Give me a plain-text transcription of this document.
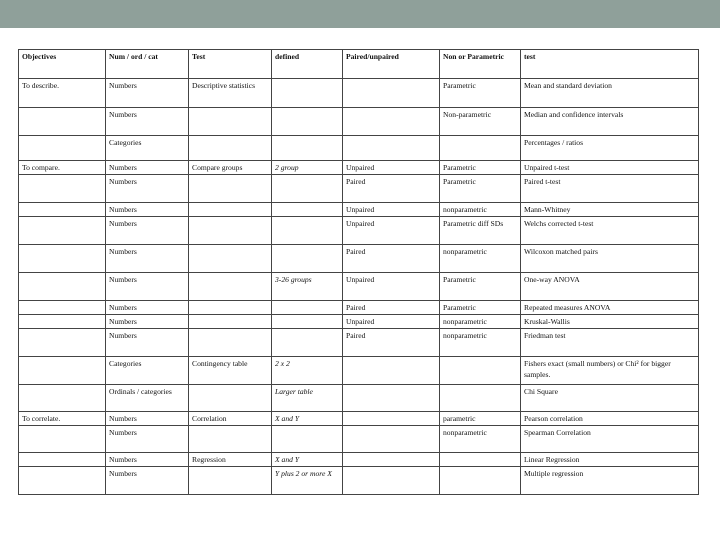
Objectives	Num / ord / cat	Test	defined	Paired/unpaired	Non or Parametric	test
To describe.	Numbers	Descriptive statistics			Parametric	Mean and standard deviation
	Numbers				Non-parametric	Median and confidence intervals
	Categories					Percentages / ratios
To compare.	Numbers	Compare groups	2 group	Unpaired	Parametric	Unpaired t-test
	Numbers			Paired	Parametric	Paired t-test
	Numbers			Unpaired	nonparametric	Mann-Whitney
	Numbers			Unpaired	Parametric diff SDs	Welchs corrected t-test
	Numbers			Paired	nonparametric	Wilcoxon matched pairs
	Numbers		3-26 groups	Unpaired	Parametric	One-way ANOVA
	Numbers			Paired	Parametric	Repeated measures ANOVA
	Numbers			Unpaired	nonparametric	Kruskal-Wallis
	Numbers			Paired	nonparametric	Friedman test
	Categories	Contingency table	2 x 2			Fishers exact (small numbers) or Chi² for bigger samples.
	Ordinals / categories		Larger table			Chi Square
To correlate.	Numbers	Correlation	X and Y		parametric	Pearson correlation
	Numbers				nonparametric	Spearman Correlation
	Numbers	Regression	X and Y			Linear Regression
	Numbers		Y plus 2 or more X			Multiple regression
